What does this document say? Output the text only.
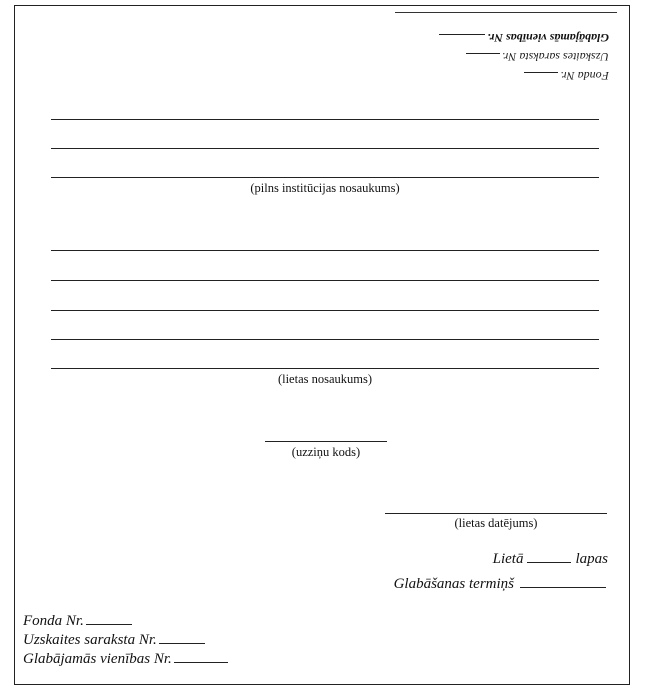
Fonda Nr.
Uzskaites saraksta Nr.
Glabājamās vienības Nr.
(pilns institūcijas nosaukums)
(lietas nosaukums)
(uzziņu kods)
(lietas datējums)
Lietā	lapas
Glabāšanas termiņš
Fonda Nr.
Uzskaites saraksta Nr.
Glabājamās vienības Nr.
